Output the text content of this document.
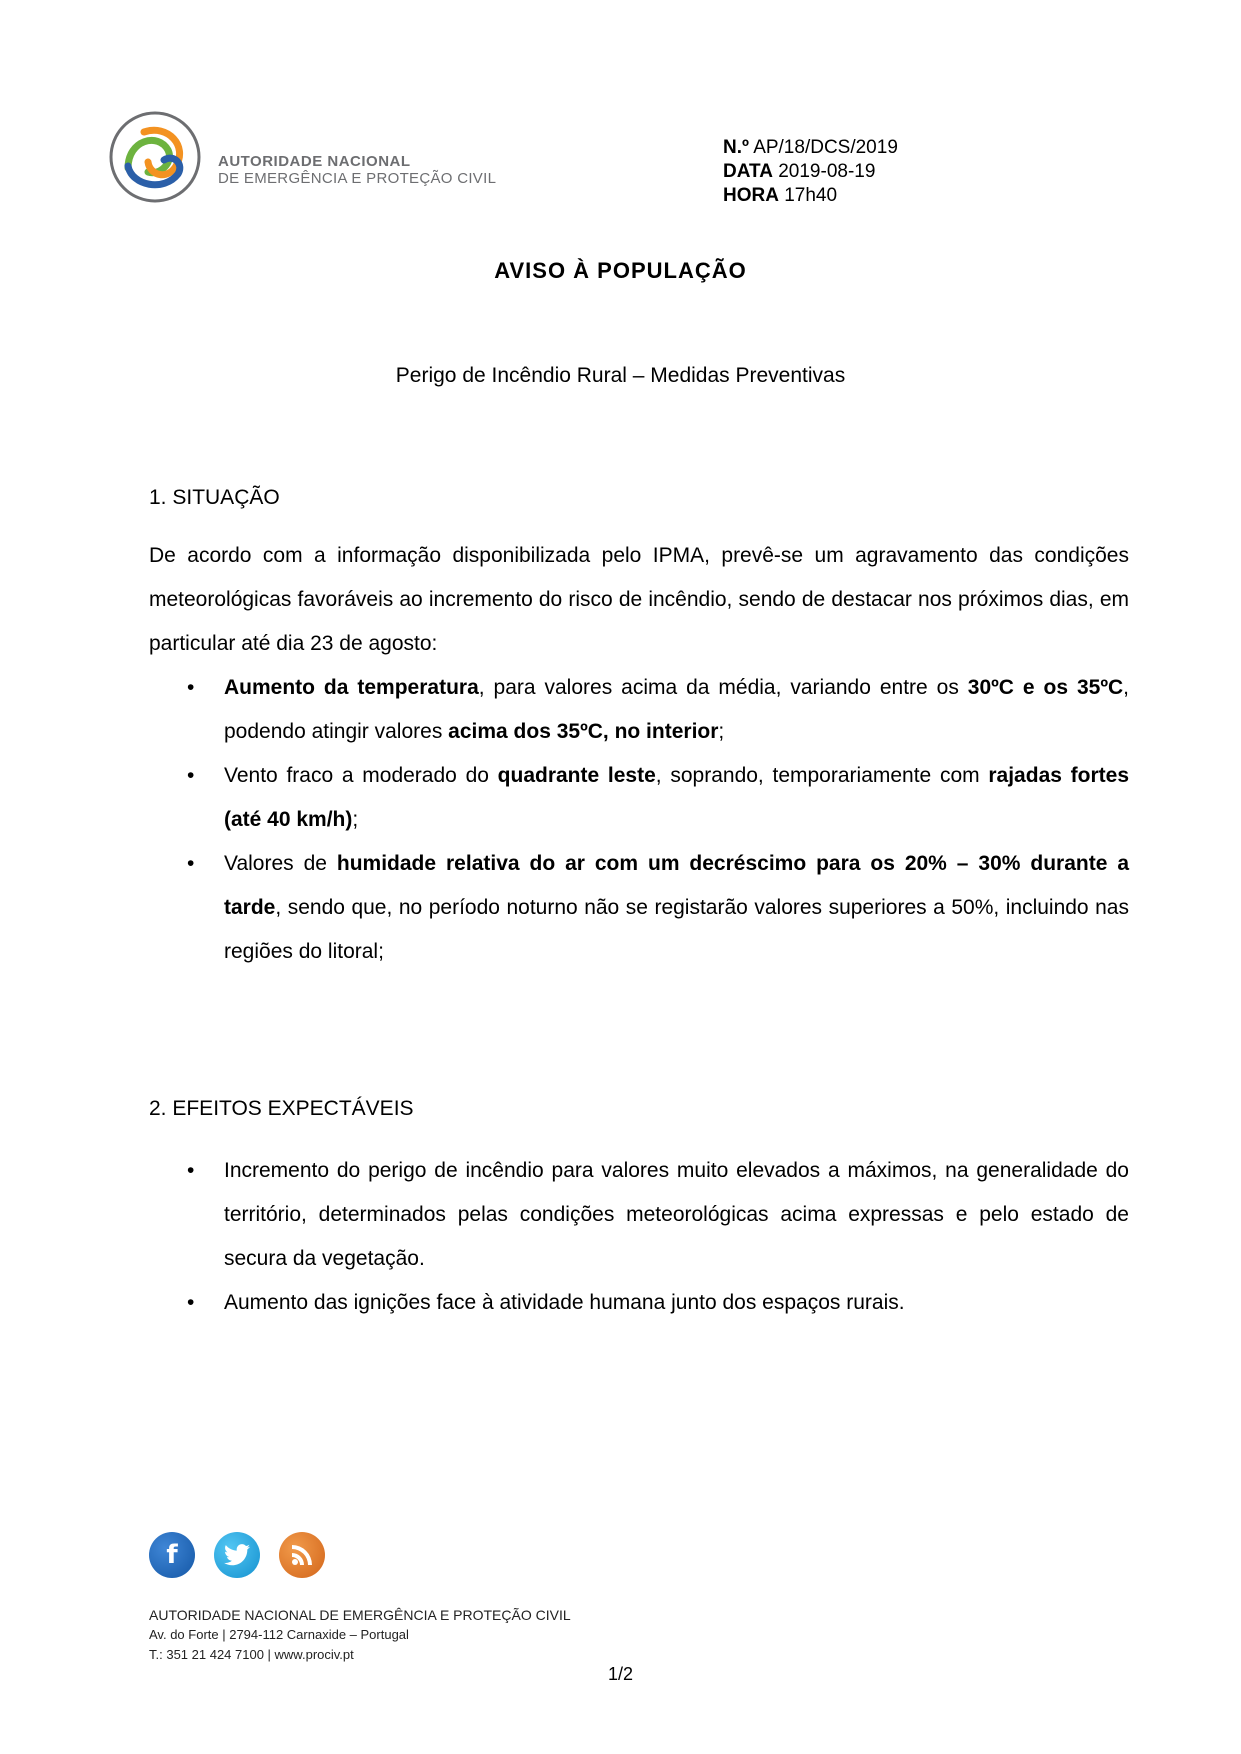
AUTORIDADE NACIONAL
DE EMERGÊNCIA E PROTEÇÃO CIVIL
N.º AP/18/DCS/2019
DATA 2019-08-19
HORA 17h40
AVISO À POPULAÇÃO
Perigo de Incêndio Rural – Medidas Preventivas
1. SITUAÇÃO
De acordo com a informação disponibilizada pelo IPMA, prevê-se um agravamento das condições meteorológicas favoráveis ao incremento do risco de incêndio, sendo de destacar nos próximos dias, em particular até dia 23 de agosto:
• Aumento da temperatura, para valores acima da média, variando entre os 30ºC e os 35ºC, podendo atingir valores acima dos 35ºC, no interior;
• Vento fraco a moderado do quadrante leste, soprando, temporariamente com rajadas fortes (até 40 km/h);
• Valores de humidade relativa do ar com um decréscimo para os 20% – 30% durante a tarde, sendo que, no período noturno não se registarão valores superiores a 50%, incluindo nas regiões do litoral;
2. EFEITOS EXPECTÁVEIS
• Incremento do perigo de incêndio para valores muito elevados a máximos, na generalidade do território, determinados pelas condições meteorológicas acima expressas e pelo estado de secura da vegetação.
• Aumento das ignições face à atividade humana junto dos espaços rurais.
f
AUTORIDADE NACIONAL DE EMERGÊNCIA E PROTEÇÃO CIVIL
Av. do Forte | 2794-112 Carnaxide – Portugal
T.: 351 21 424 7100 | www.prociv.pt
1/2
